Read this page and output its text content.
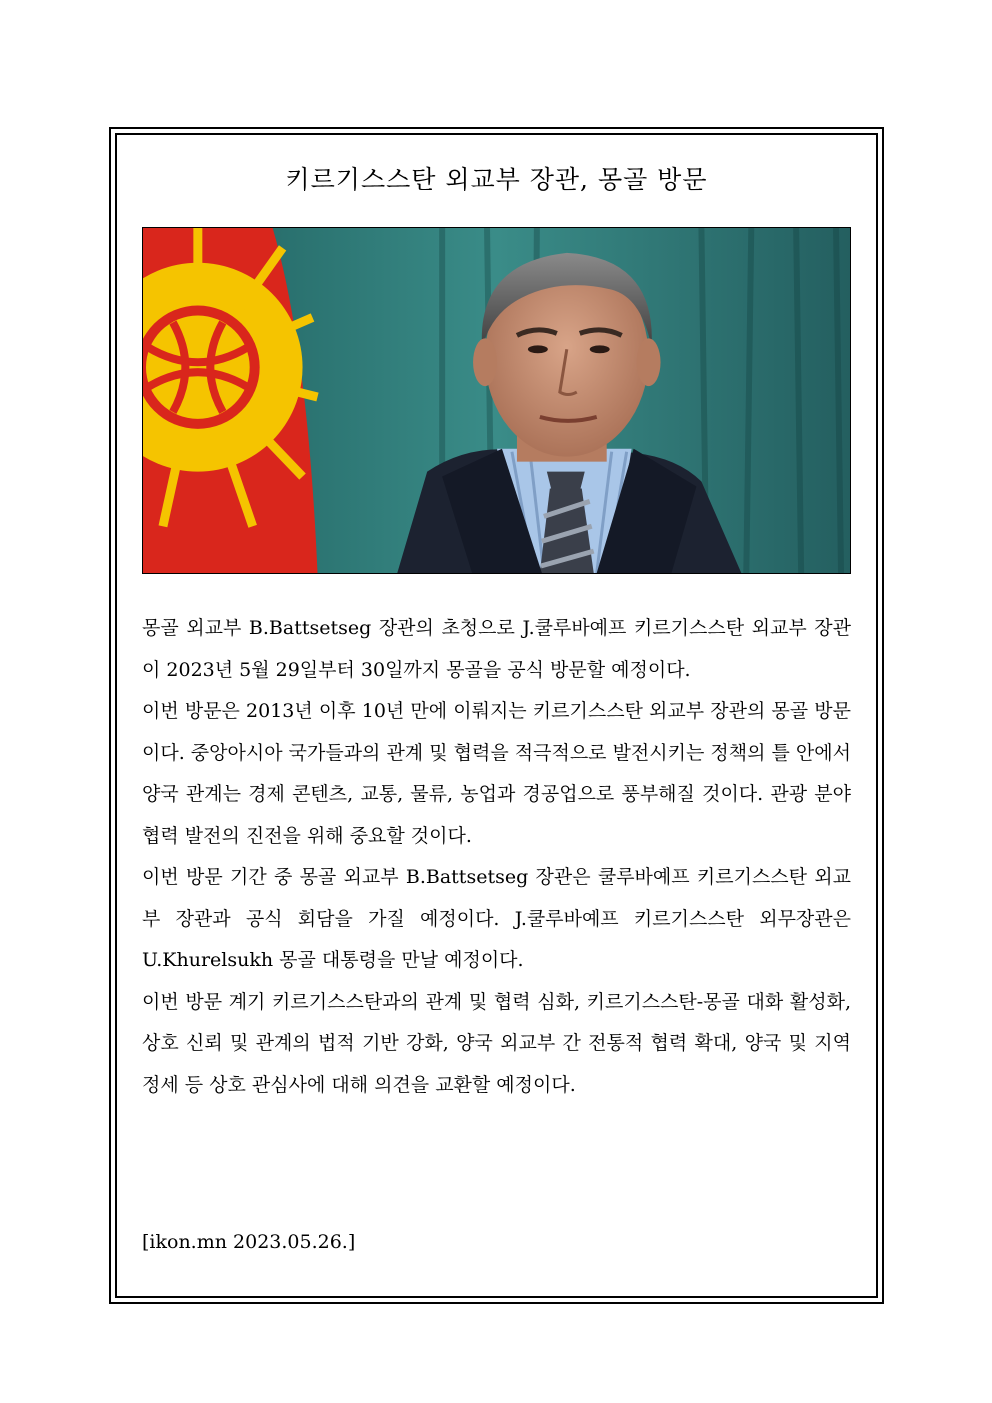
키르기스스탄 외교부 장관, 몽골 방문

몽골 외교부 B.Battsetseg 장관의 초청으로 J.쿨루바예프 키르기스스탄 외교부 장관이 2023년 5월 29일부터 30일까지 몽골을 공식 방문할 예정이다.

이번 방문은 2013년 이후 10년 만에 이뤄지는 키르기스스탄 외교부 장관의 몽골 방문이다. 중앙아시아 국가들과의 관계 및 협력을 적극적으로 발전시키는 정책의 틀 안에서 양국 관계는 경제 콘텐츠, 교통, 물류, 농업과 경공업으로 풍부해질 것이다. 관광 분야 협력 발전의 진전을 위해 중요할 것이다.

이번 방문 기간 중 몽골 외교부 B.Battsetseg 장관은 쿨루바예프 키르기스스탄 외교부 장관과 공식 회담을 가질 예정이다. J.쿨루바예프 키르기스스탄 외무장관은 U.Khurelsukh 몽골 대통령을 만날 예정이다.

이번 방문 계기 키르기스스탄과의 관계 및 협력 심화, 키르기스스탄-몽골 대화 활성화, 상호 신뢰 및 관계의 법적 기반 강화, 양국 외교부 간 전통적 협력 확대, 양국 및 지역 정세 등 상호 관심사에 대해 의견을 교환할 예정이다.

[ikon.mn 2023.05.26.]
